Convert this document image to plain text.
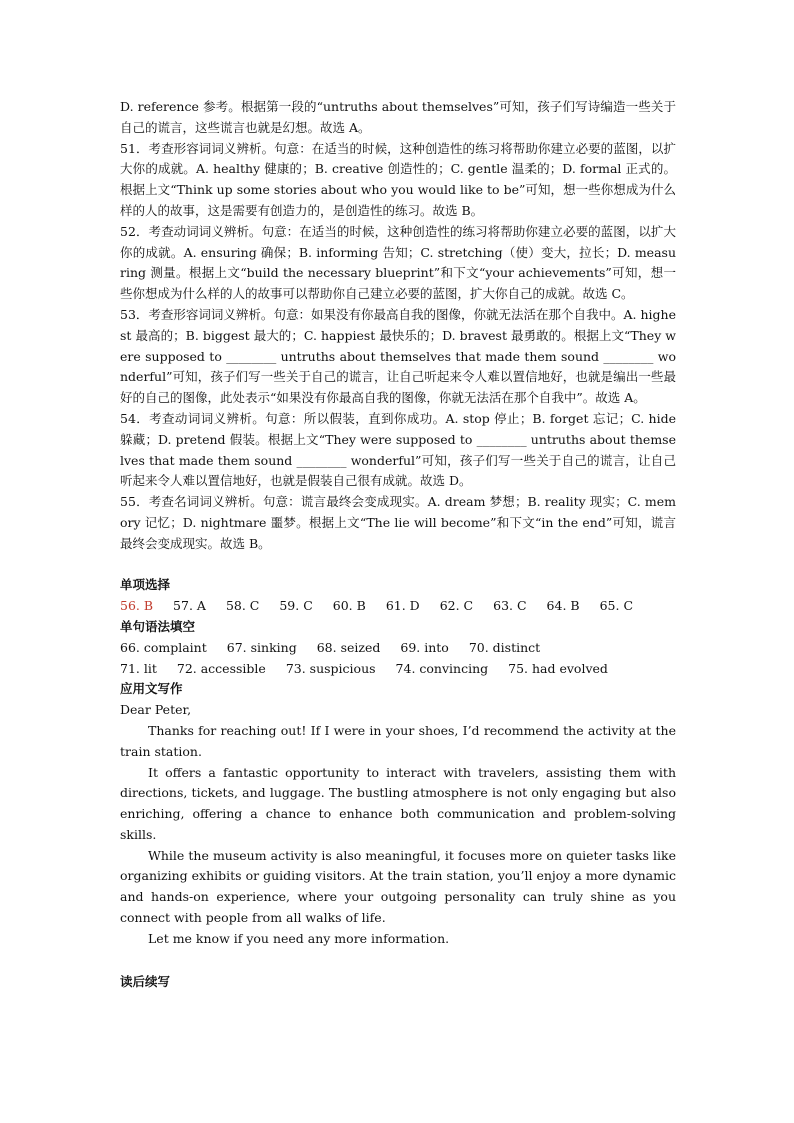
D. reference 参考。根据第一段的“untruths about themselves”可知，孩子们写诗编造一些关于自己的谎言，这些谎言也就是幻想。故选 A。

51．考查形容词词义辨析。句意：在适当的时候，这种创造性的练习将帮助你建立必要的蓝图，以扩大你的成就。A. healthy 健康的；B. creative 创造性的；C. gentle 温柔的；D. formal 正式的。根据上文“Think up some stories about who you would like to be”可知，想一些你想成为什么样的人的故事，这是需要有创造力的，是创造性的练习。故选 B。

52．考查动词词义辨析。句意：在适当的时候，这种创造性的练习将帮助你建立必要的蓝图，以扩大你的成就。A. ensuring 确保；B. informing 告知；C. stretching（使）变大，拉长；D. measuring 测量。根据上文“build the necessary blueprint”和下文“your achievements”可知，想一些你想成为什么样的人的故事可以帮助你自己建立必要的蓝图，扩大你自己的成就。故选 C。

53．考查形容词词义辨析。句意：如果没有你最高自我的图像，你就无法活在那个自我中。A. highest 最高的；B. biggest 最大的；C. happiest 最快乐的；D. bravest 最勇敢的。根据上文“They were supposed to ________ untruths about themselves that made them sound ________ wonderful”可知，孩子们写一些关于自己的谎言，让自己听起来令人难以置信地好，也就是编出一些最好的自己的图像，此处表示“如果没有你最高自我的图像，你就无法活在那个自我中”。故选 A。

54．考查动词词义辨析。句意：所以假装，直到你成功。A. stop 停止；B. forget 忘记；C. hide 躲藏；D. pretend 假装。根据上文“They were supposed to ________ untruths about themselves that made them sound ________ wonderful”可知，孩子们写一些关于自己的谎言，让自己听起来令人难以置信地好，也就是假装自己很有成就。故选 D。

55．考查名词词义辨析。句意：谎言最终会变成现实。A. dream 梦想；B. reality 现实；C. memory 记忆；D. nightmare 噩梦。根据上文“The lie will become”和下文“in the end”可知，谎言最终会变成现实。故选 B。

单项选择

56. B 57. A 58. C 59. C 60. B 61. D 62. C 63. C 64. B 65. C

单句语法填空

66. complaint 67. sinking 68. seized 69. into 70. distinct

71. lit 72. accessible 73. suspicious 74. convincing 75. had evolved

应用文写作

Dear Peter,

Thanks for reaching out! If I were in your shoes, I’d recommend the activity at the train station.

It offers a fantastic opportunity to interact with travelers, assisting them with directions, tickets, and luggage. The bustling atmosphere is not only engaging but also enriching, offering a chance to enhance both communication and problem-solving skills.

While the museum activity is also meaningful, it focuses more on quieter tasks like organizing exhibits or guiding visitors. At the train station, you’ll enjoy a more dynamic and hands-on experience, where your outgoing personality can truly shine as you connect with people from all walks of life.

Let me know if you need any more information.

读后续写
